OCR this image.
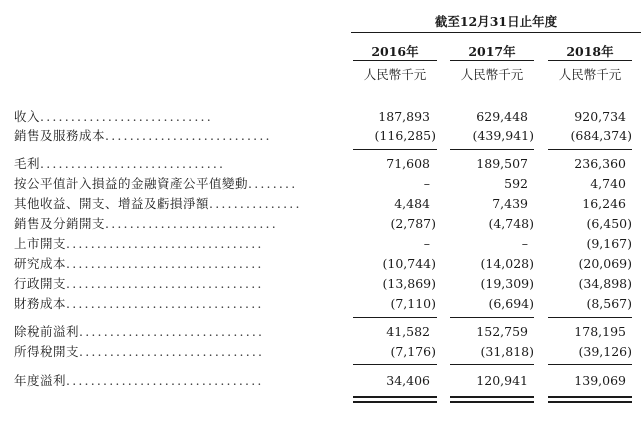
截至12月31日止年度
2016年	2017年	2018年
人民幣千元	人民幣千元	人民幣千元
收入............................	187,893	629,448	920,734
銷售及服務成本...........................	(116,285)	(439,941)	(684,374)
毛利..............................	71,608	189,507	236,360
按公平值計入損益的金融資產公平值變動........	–	592	4,740
其他收益、開支、增益及虧損淨額...............	4,484	7,439	16,246
銷售及分銷開支............................	(2,787)	(4,748)	(6,450)
上市開支................................	–	–	(9,167)
研究成本................................	(10,744)	(14,028)	(20,069)
行政開支................................	(13,869)	(19,309)	(34,898)
財務成本................................	(7,110)	(6,694)	(8,567)
除稅前溢利..............................	41,582	152,759	178,195
所得稅開支..............................	(7,176)	(31,818)	(39,126)
年度溢利................................	34,406	120,941	139,069
